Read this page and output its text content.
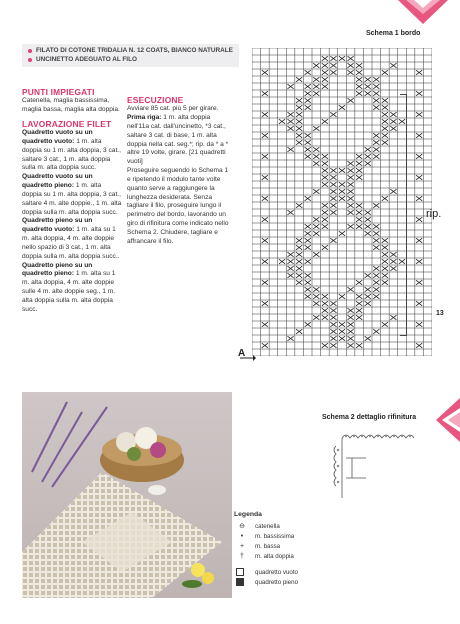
Schema 1 bordo
FILATO DI COTONE TRIDALIA N. 12 COATS, BIANCO NATURALE
UNCINETTO ADEGUATO AL FILO
PUNTI IMPIEGATI
Catenella, maglia bassissima, maglia bassa, maglia alta doppia.
LAVORAZIONE FILET
Quadretto vuoto su un quadretto vuoto: 1 m. alta doppia su 1 m. alta doppia, 3 cat., saltare 3 cat., 1 m. alta doppia sulla m. alta doppia succ.
Quadretto vuoto su un quadretto pieno: 1 m. alta doppia su 1 m. alta doppia, 3 cat., saltare 4 m. alte doppie., 1 m. alta doppia sulla m. alta doppia succ.
Quadretto pieno su un quadretto vuoto: 1 m. alta su 1 m. alta doppia, 4 m. alte doppie nello spazio di 3 cat., 1 m. alta doppia sulla m. alta doppia succ..
Quadretto pieno su un quadretto pieno: 1 m. alta su 1 m. alta doppia, 4 m. alte doppie sulle 4 m. alte doppie seg., 1 m. alta doppia sulla m. alta doppia succ.
ESECUZIONE
Avviare 85 cat. più 5 per girare.
Prima riga: 1 m. alta doppia nell'11a cat. dall'uncinetto, *3 cat., saltare 3 cat. di base, 1 m. alta doppia nella cat. seg.*; rip. da * a * altre 19 volte, girare. [21 quadretti vuoti]
Proseguire seguendo lo Schema 1 e ripetendo il modulo tante volte quanto serve a raggiungere la lunghezza desiderata. Senza tagliare il filo, proseguire lungo il perimetro del bordo, lavorando un giro di rifinitura come indicato nello Schema 2. Chiudere, tagliare e affrancare il filo.
rip.
13
A
Schema 2 dettaglio rifinitura
Legenda
⊖	catenella
•	m. bassissima
+	m. bassa
†	m. alta doppia
quadretto vuoto
quadretto pieno
